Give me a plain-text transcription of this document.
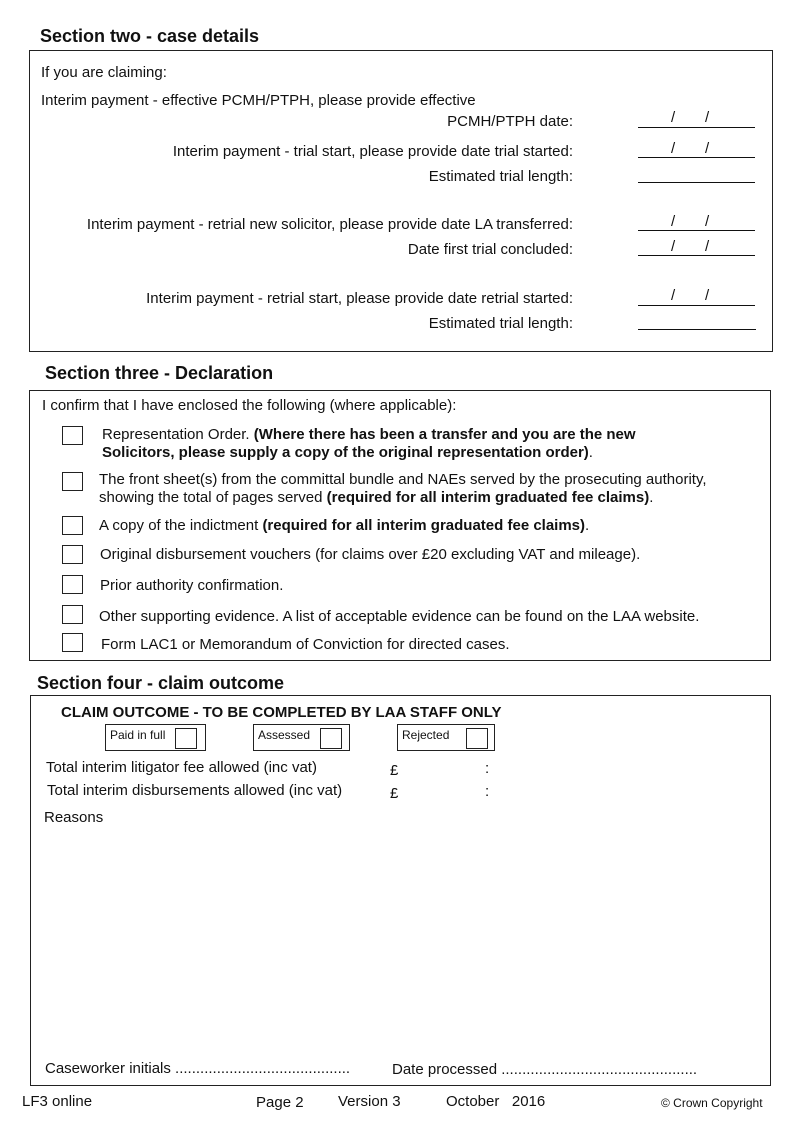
Section two - case details
If you are claiming:
Interim payment - effective PCMH/PTPH, please provide effective
PCMH/PTPH date:	/ /
Interim payment - trial start, please provide date trial started:	/ /
Estimated trial length:
Interim payment - retrial new solicitor, please provide date LA transferred:	/ /
Date first trial concluded:	/ /
Interim payment - retrial start, please provide date retrial started:	/ /
Estimated trial length:
Section three - Declaration
I confirm that I have enclosed the following (where applicable):
Representation Order. (Where there has been a transfer and you are the new
Solicitors, please supply a copy of the original representation order).
The front sheet(s) from the committal bundle and NAEs served by the prosecuting authority,
showing the total of pages served (required for all interim graduated fee claims).
A copy of the indictment (required for all interim graduated fee claims).
Original disbursement vouchers (for claims over £20 excluding VAT and mileage).
Prior authority confirmation.
Other supporting evidence. A list of acceptable evidence can be found on the LAA website.
Form LAC1 or Memorandum of Conviction for directed cases.
Section four - claim outcome
CLAIM OUTCOME - TO BE COMPLETED BY LAA STAFF ONLY
Paid in full	Assessed	Rejected
Total interim litigator fee allowed (inc vat)	£	:
Total interim disbursements allowed (inc vat)	£	:
Reasons
Caseworker initials ..........................................	Date processed ...............................................
LF3 online	Page 2 Version 3	October   2016	© Crown Copyright
